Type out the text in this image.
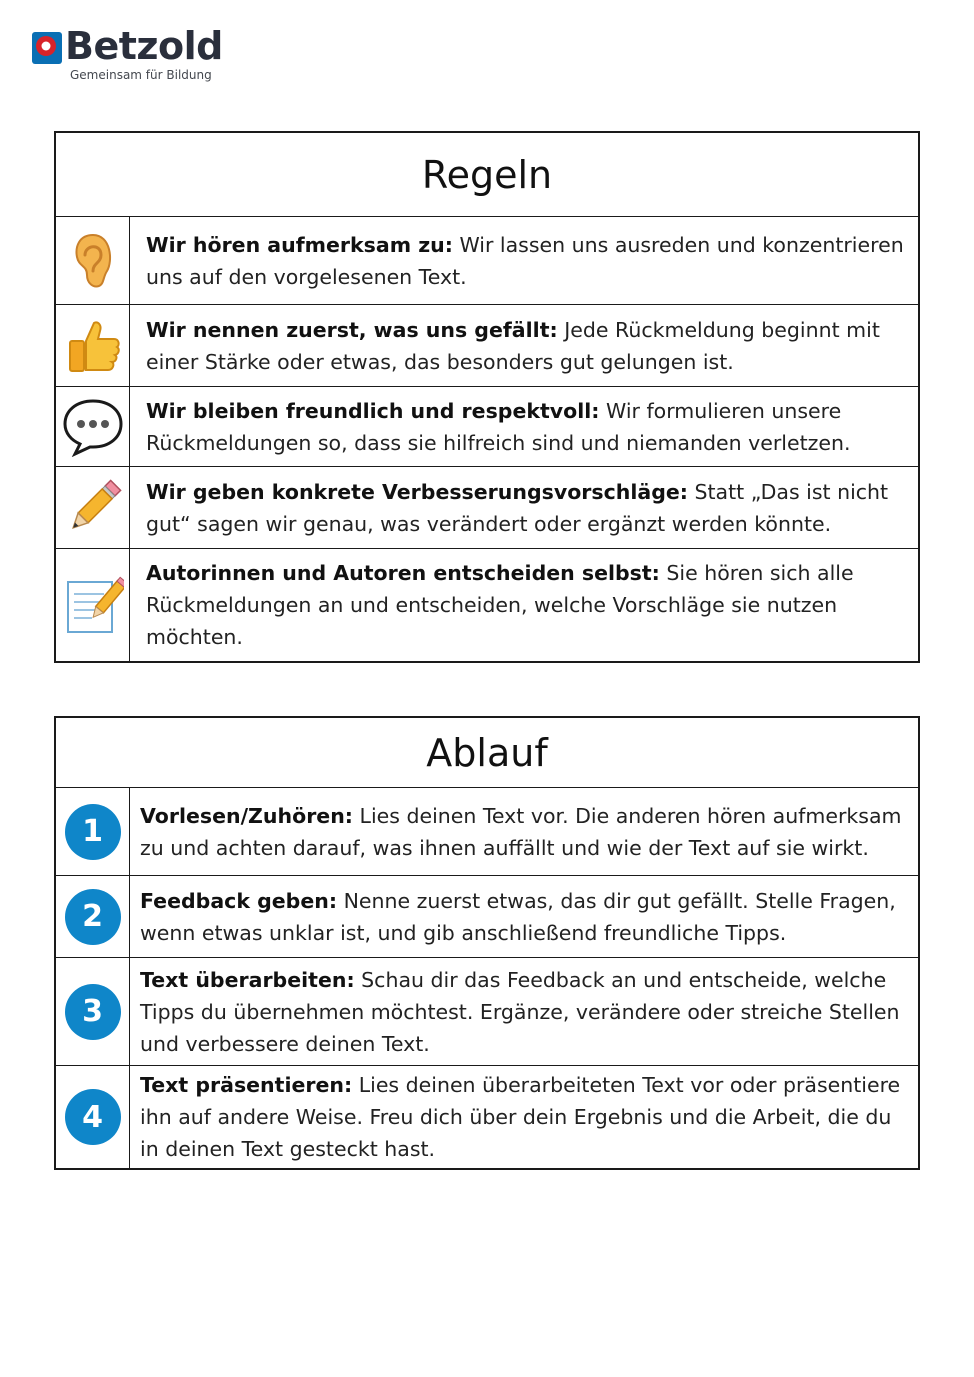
Betzold
Gemeinsam für Bildung
Regeln
Wir hören aufmerksam zu: Wir lassen uns ausreden und konzentrieren uns auf den vorgelesenen Text.
Wir nennen zuerst, was uns gefällt: Jede Rückmeldung beginnt mit einer Stärke oder etwas, das besonders gut gelungen ist.
Wir bleiben freundlich und respektvoll: Wir formulieren unsere Rückmeldungen so, dass sie hilfreich sind und niemanden verletzen.
Wir geben konkrete Verbesserungsvorschläge: Statt „Das ist nicht gut“ sagen wir genau, was verändert oder ergänzt werden könnte.
Autorinnen und Autoren entscheiden selbst: Sie hören sich alle Rückmeldungen an und entscheiden, welche Vorschläge sie nutzen möchten.
Ablauf
1	Vorlesen/Zuhören: Lies deinen Text vor. Die anderen hören aufmerksam zu und achten darauf, was ihnen auffällt und wie der Text auf sie wirkt.
2	Feedback geben: Nenne zuerst etwas, das dir gut gefällt. Stelle Fragen, wenn etwas unklar ist, und gib anschließend freundliche Tipps.
3
Text überarbeiten: Schau dir das Feedback an und entscheide, welche Tipps du übernehmen möchtest. Ergänze, verändere oder streiche Stellen und verbessere deinen Text.
4
Text präsentieren: Lies deinen überarbeiteten Text vor oder präsentiere ihn auf andere Weise. Freu dich über dein Ergebnis und die Arbeit, die du in deinen Text gesteckt hast.
